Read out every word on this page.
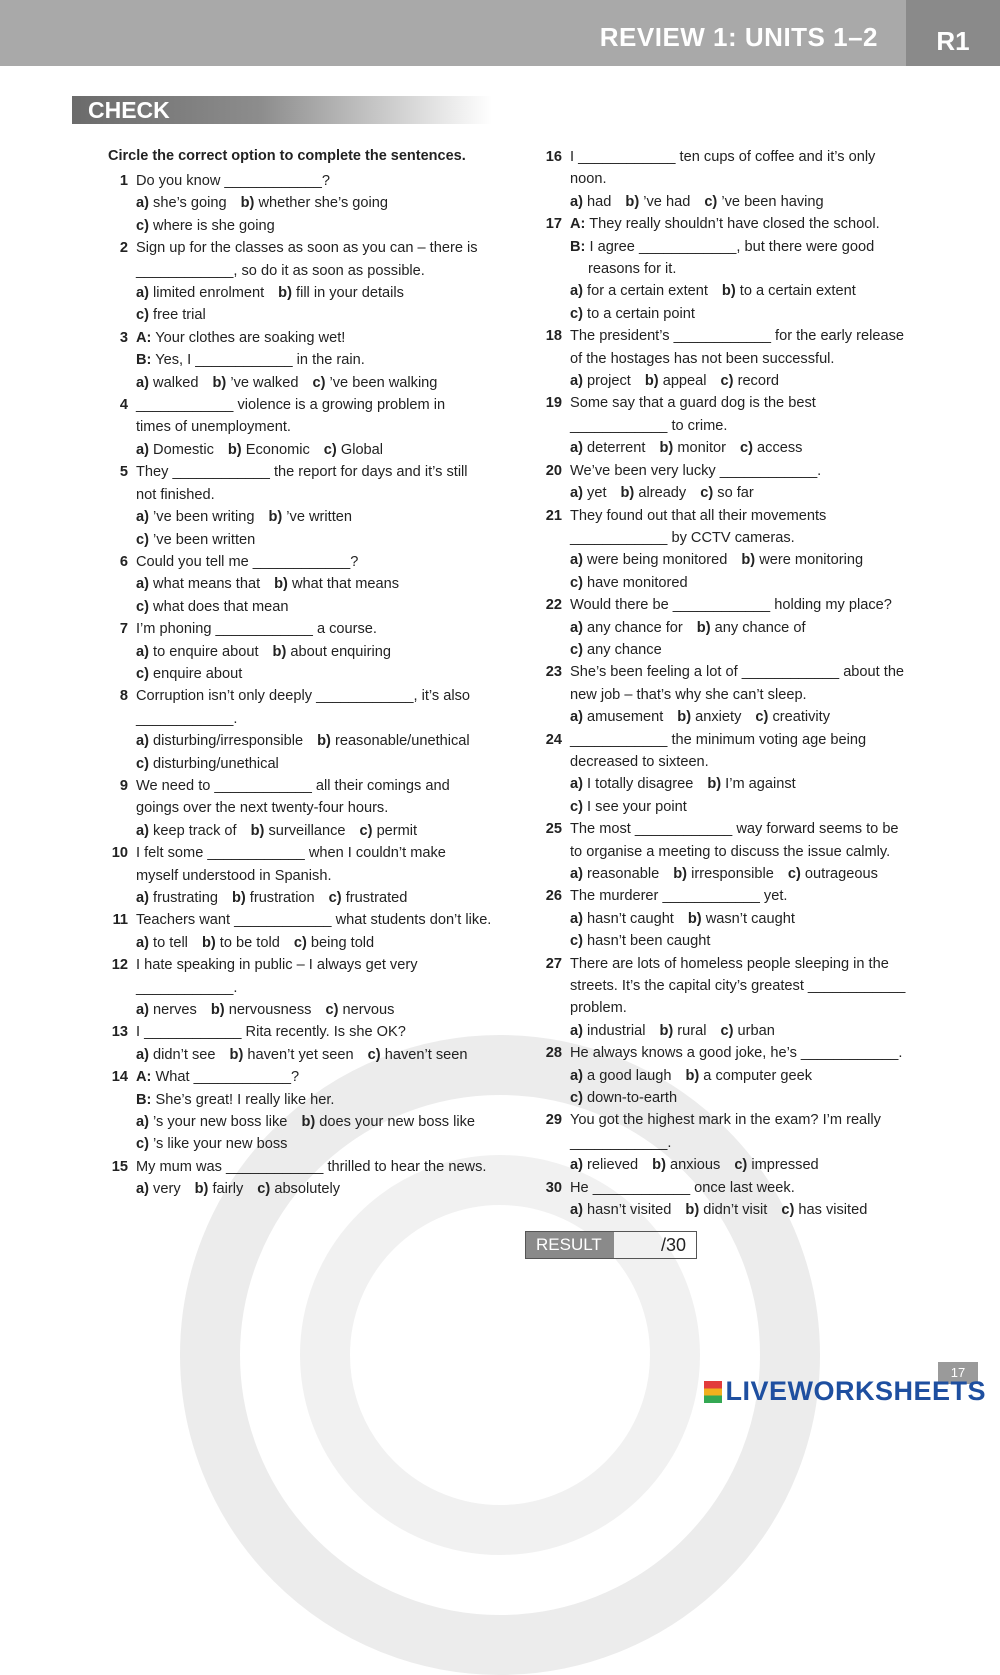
REVIEW 1: UNITS 1–2	R1
CHECK
Circle the correct option to complete the sentences.
1 Do you know ____________?
a) she’s going b) whether she’s going
c) where is she going
2 Sign up for the classes as soon as you can – there is
____________, so do it as soon as possible.
a) limited enrolment b) fill in your details
c) free trial
3 A: Your clothes are soaking wet!
B: Yes, I ____________ in the rain.
a) walked b) ’ve walked c) ’ve been walking
4 ____________ violence is a growing problem in
times of unemployment.
a) Domestic b) Economic c) Global
5 They ____________ the report for days and it’s still
not finished.
a) ’ve been writing b) ’ve written
c) ’ve been written
6 Could you tell me ____________?
a) what means that b) what that means
c) what does that mean
7 I’m phoning ____________ a course.
a) to enquire about b) about enquiring
c) enquire about
8 Corruption isn’t only deeply ____________, it’s also
____________.
a) disturbing/irresponsible b) reasonable/unethical
c) disturbing/unethical
9 We need to ____________ all their comings and
goings over the next twenty-four hours.
a) keep track of b) surveillance c) permit
10 I felt some ____________ when I couldn’t make
myself understood in Spanish.
a) frustrating b) frustration c) frustrated
11 Teachers want ____________ what students don’t like.
a) to tell b) to be told c) being told
12 I hate speaking in public – I always get very
____________.
a) nerves b) nervousness c) nervous
13 I ____________ Rita recently. Is she OK?
a) didn’t see b) haven’t yet seen c) haven’t seen
14 A: What ____________?
B: She’s great! I really like her.
a) ’s your new boss like b) does your new boss like
c) ’s like your new boss
15 My mum was ____________ thrilled to hear the news.
a) very b) fairly c) absolutely
16 I ____________ ten cups of coffee and it’s only
noon.
a) had b) ’ve had c) ’ve been having
17 A: They really shouldn’t have closed the school.
B: I agree ____________, but there were good
reasons for it.
a) for a certain extent b) to a certain extent
c) to a certain point
18 The president’s ____________ for the early release
of the hostages has not been successful.
a) project b) appeal c) record
19 Some say that a guard dog is the best
____________ to crime.
a) deterrent b) monitor c) access
20 We’ve been very lucky ____________.
a) yet b) already c) so far
21 They found out that all their movements
____________ by CCTV cameras.
a) were being monitored b) were monitoring
c) have monitored
22 Would there be ____________ holding my place?
a) any chance for b) any chance of
c) any chance
23 She’s been feeling a lot of ____________ about the
new job – that’s why she can’t sleep.
a) amusement b) anxiety c) creativity
24 ____________ the minimum voting age being
decreased to sixteen.
a) I totally disagree b) I’m against
c) I see your point
25 The most ____________ way forward seems to be
to organise a meeting to discuss the issue calmly.
a) reasonable b) irresponsible c) outrageous
26 The murderer ____________ yet.
a) hasn’t caught b) wasn’t caught
c) hasn’t been caught
27 There are lots of homeless people sleeping in the
streets. It’s the capital city’s greatest ____________
problem.
a) industrial b) rural c) urban
28 He always knows a good joke, he’s ____________.
a) a good laugh b) a computer geek
c) down-to-earth
29 You got the highest mark in the exam? I’m really
____________.
a) relieved b) anxious c) impressed
30 He ____________ once last week.
a) hasn’t visited b) didn’t visit c) has visited
RESULT	/30
17
LIVEWORKSHEETS
